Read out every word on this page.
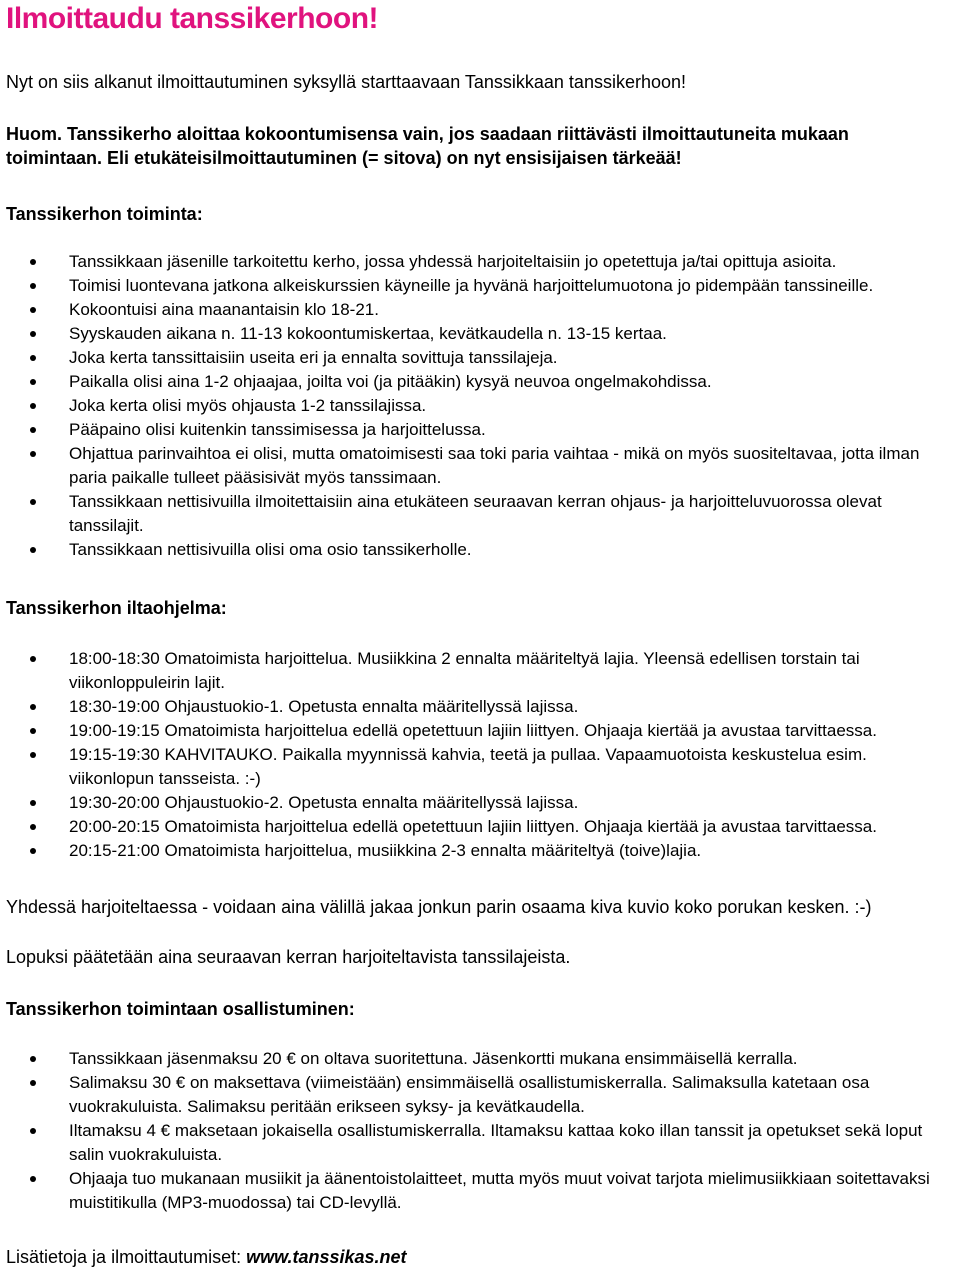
Ilmoittaudu tanssikerhoon!
Nyt on siis alkanut ilmoittautuminen syksyllä starttaavaan Tanssikkaan tanssikerhoon!
Huom. Tanssikerho aloittaa kokoontumisensa vain, jos saadaan riittävästi ilmoittautuneita mukaan
toimintaan. Eli etukäteisilmoittautuminen (= sitova) on nyt ensisijaisen tärkeää!
Tanssikerhon toiminta:
Tanssikkaan jäsenille tarkoitettu kerho, jossa yhdessä harjoiteltaisiin jo opetettuja ja/tai opittuja asioita.
Toimisi luontevana jatkona alkeiskurssien käyneille ja hyvänä harjoittelumuotona jo pidempään tanssineille.
Kokoontuisi aina maanantaisin klo 18-21.
Syyskauden aikana n. 11-13 kokoontumiskertaa, kevätkaudella n. 13-15 kertaa.
Joka kerta tanssittaisiin useita eri ja ennalta sovittuja tanssilajeja.
Paikalla olisi aina 1-2 ohjaajaa, joilta voi (ja pitääkin) kysyä neuvoa ongelmakohdissa.
Joka kerta olisi myös ohjausta 1-2 tanssilajissa.
Pääpaino olisi kuitenkin tanssimisessa ja harjoittelussa.
Ohjattua parinvaihtoa ei olisi, mutta omatoimisesti saa toki paria vaihtaa - mikä on myös suositeltavaa, jotta ilman
paria paikalle tulleet pääsisivät myös tanssimaan.
Tanssikkaan nettisivuilla ilmoitettaisiin aina etukäteen seuraavan kerran ohjaus- ja harjoitteluvuorossa olevat
tanssilajit.
Tanssikkaan nettisivuilla olisi oma osio tanssikerholle.
Tanssikerhon iltaohjelma:
18:00-18:30 Omatoimista harjoittelua. Musiikkina 2 ennalta määriteltyä lajia. Yleensä edellisen torstain tai
viikonloppuleirin lajit.
18:30-19:00 Ohjaustuokio-1. Opetusta ennalta määritellyssä lajissa.
19:00-19:15 Omatoimista harjoittelua edellä opetettuun lajiin liittyen. Ohjaaja kiertää ja avustaa tarvittaessa.
19:15-19:30 KAHVITAUKO. Paikalla myynnissä kahvia, teetä ja pullaa. Vapaamuotoista keskustelua esim.
viikonlopun tansseista. :-)
19:30-20:00 Ohjaustuokio-2. Opetusta ennalta määritellyssä lajissa.
20:00-20:15 Omatoimista harjoittelua edellä opetettuun lajiin liittyen. Ohjaaja kiertää ja avustaa tarvittaessa.
20:15-21:00 Omatoimista harjoittelua, musiikkina 2-3 ennalta määriteltyä (toive)lajia.
Yhdessä harjoiteltaessa - voidaan aina välillä jakaa jonkun parin osaama kiva kuvio koko porukan kesken. :-)
Lopuksi päätetään aina seuraavan kerran harjoiteltavista tanssilajeista.
Tanssikerhon toimintaan osallistuminen:
Tanssikkaan jäsenmaksu 20 € on oltava suoritettuna. Jäsenkortti mukana ensimmäisellä kerralla.
Salimaksu 30 € on maksettava (viimeistään) ensimmäisellä osallistumiskerralla. Salimaksulla katetaan osa
vuokrakuluista. Salimaksu peritään erikseen syksy- ja kevätkaudella.
Iltamaksu 4 € maksetaan jokaisella osallistumiskerralla. Iltamaksu kattaa koko illan tanssit ja opetukset sekä loput
salin vuokrakuluista.
Ohjaaja tuo mukanaan musiikit ja äänentoistolaitteet, mutta myös muut voivat tarjota mielimusiikkiaan soitettavaksi
muistitikulla (MP3-muodossa) tai CD-levyllä.
Lisätietoja ja ilmoittautumiset: www.tanssikas.net
